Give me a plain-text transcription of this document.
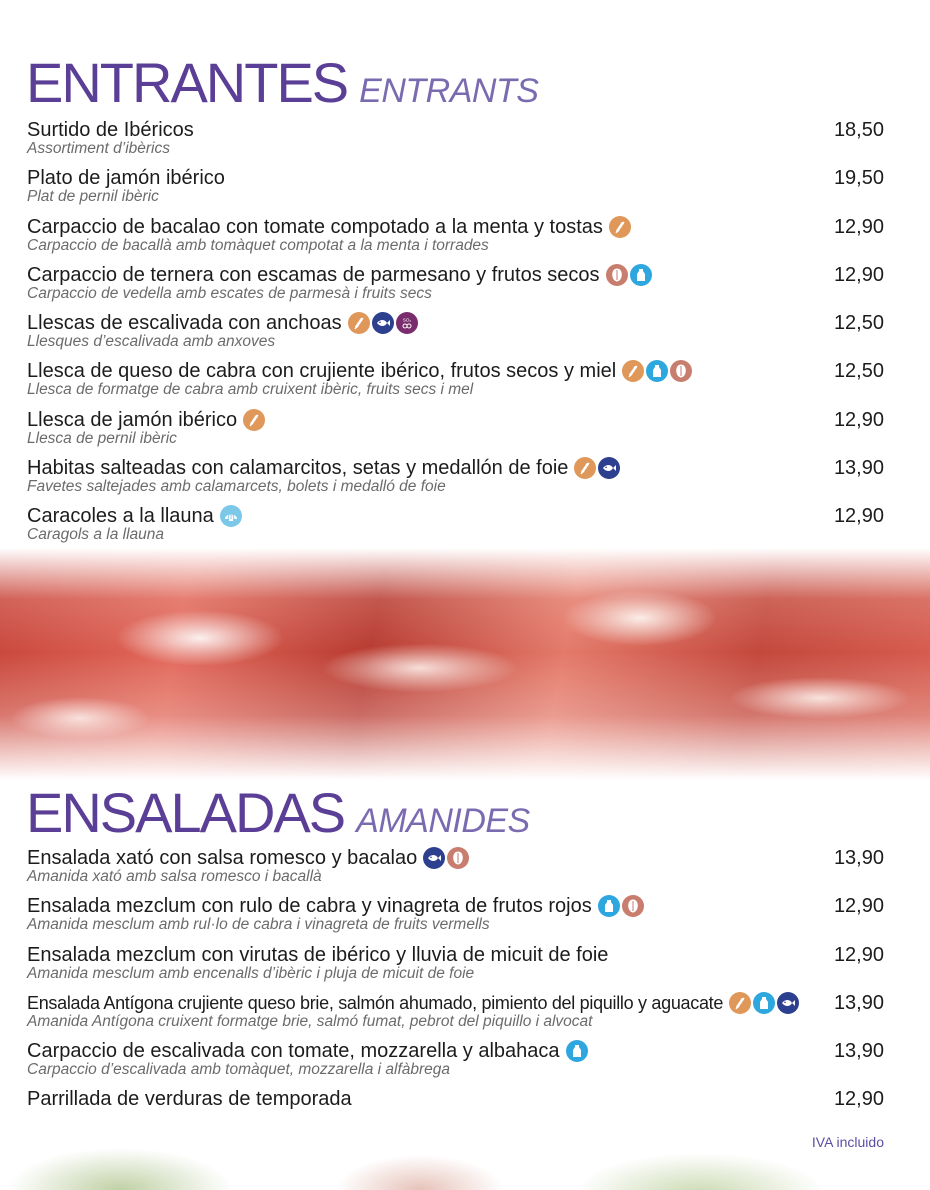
ENTRANTES ENTRANTS
Surtido de Ibéricos
Assortiment d’ibèrics
18,50
Plato de jamón ibérico
Plat de pernil ibèric
19,50
Carpaccio de bacalao con tomate compotado a la menta y tostas
Carpaccio de bacallà amb tomàquet compotat a la menta i torrades
12,90
Carpaccio de ternera con escamas de parmesano y frutos secos
Carpaccio de vedella amb escates de parmesà i fruits secs
12,90
Llescas de escalivada con anchoas	SO₂
Llesques d’escalivada amb anxoves
12,50
Llesca de queso de cabra con crujiente ibérico, frutos secos y miel
Llesca de formatge de cabra amb cruixent ibèric, fruits secs i mel
12,50
Llesca de jamón ibérico
Llesca de pernil ibèric
12,90
Habitas salteadas con calamarcitos, setas y medallón de foie
Favetes saltejades amb calamarcets, bolets i medalló de foie
13,90
Caracoles a la llauna
Caragols a la llauna
12,90
ENSALADAS AMANIDES
Ensalada xató con salsa romesco y bacalao
Amanida xató amb salsa romesco i bacallà
13,90
Ensalada mezclum con rulo de cabra y vinagreta de frutos rojos
Amanida mesclum amb rul·lo de cabra i vinagreta de fruits vermells
12,90
Ensalada mezclum con virutas de ibérico y lluvia de micuit de foie
Amanida mesclum amb encenalls d’ibèric i pluja de micuit de foie
12,90
Ensalada Antígona crujiente queso brie, salmón ahumado, pimiento del piquillo y aguacate
Amanida Antígona cruixent formatge brie, salmó fumat, pebrot del piquillo i alvocat
13,90
Carpaccio de escalivada con tomate, mozzarella y albahaca
Carpaccio d’escalivada amb tomàquet, mozzarella i alfàbrega
13,90
Parrillada de verduras de temporada	12,90
IVA incluido
